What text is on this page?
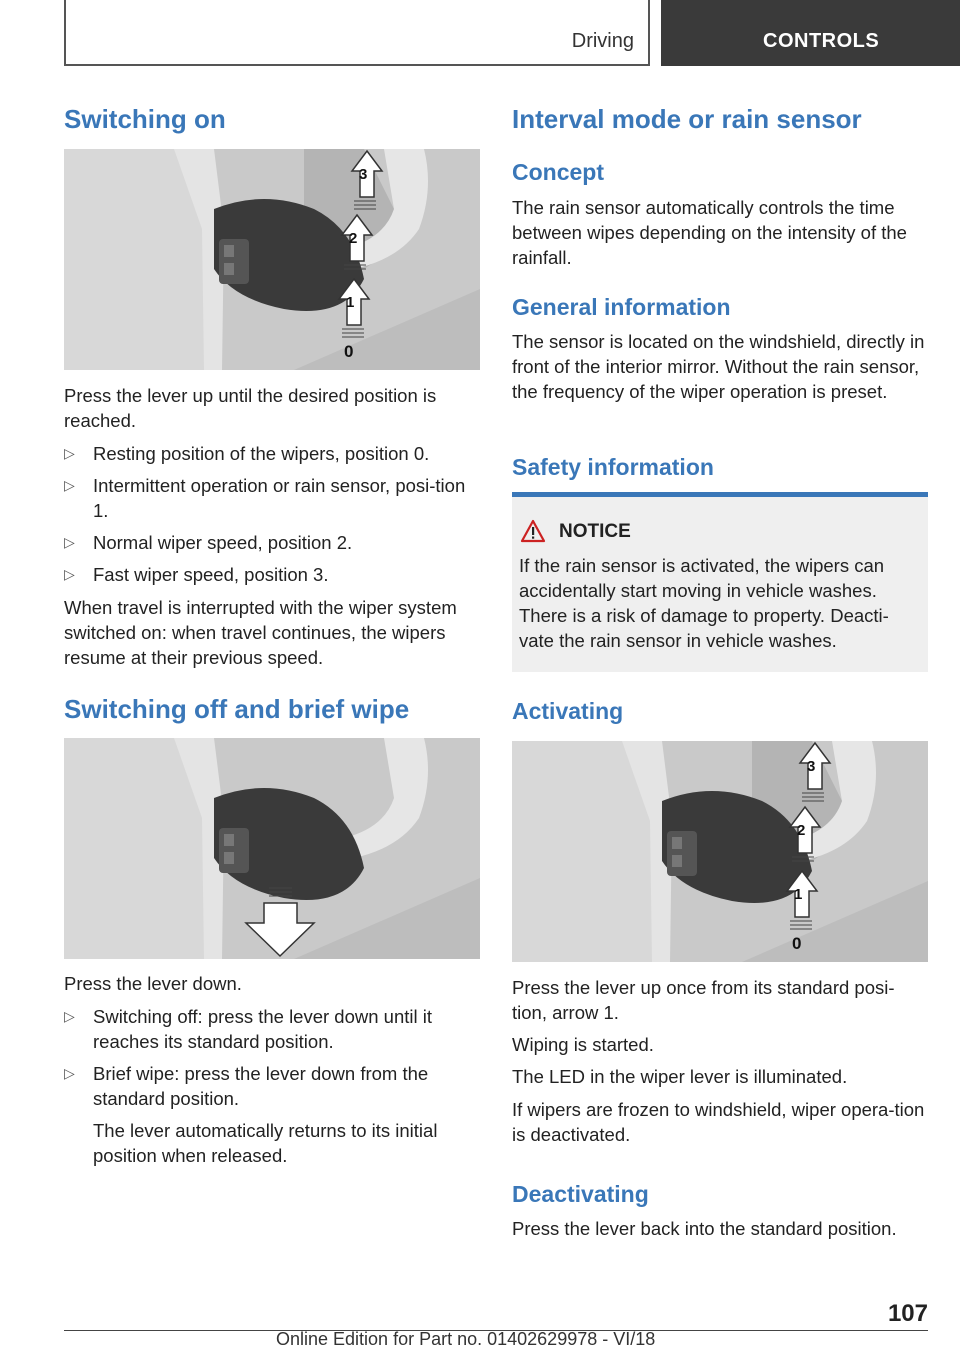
Driving	CONTROLS
Switching on
3
2
1
0
Press the lever up until the desired position is reached.
▷ Resting position of the wipers, position 0.
▷ Intermittent operation or rain sensor, posi-tion 1.
▷ Normal wiper speed, position 2.
▷ Fast wiper speed, position 3.
When travel is interrupted with the wiper system switched on: when travel continues, the wipers resume at their previous speed.
Switching off and brief wipe
Press the lever down.
▷ Switching off: press the lever down until it reaches its standard position.
▷ Brief wipe: press the lever down from the standard position.
The lever automatically returns to its initial position when released.
Interval mode or rain sensor
Concept
The rain sensor automatically controls the time between wipes depending on the intensity of the rainfall.
General information
The sensor is located on the windshield, directly in front of the interior mirror. Without the rain sensor, the frequency of the wiper operation is preset.
Safety information
NOTICE
If the rain sensor is activated, the wipers can accidentally start moving in vehicle washes. There is a risk of damage to property. Deacti-vate the rain sensor in vehicle washes.
Activating
3
2
1
0
Press the lever up once from its standard posi-tion, arrow 1.
Wiping is started.
The LED in the wiper lever is illuminated.
If wipers are frozen to windshield, wiper opera-tion is deactivated.
Deactivating
Press the lever back into the standard position.
107
Online Edition for Part no. 01402629978 - VI/18
